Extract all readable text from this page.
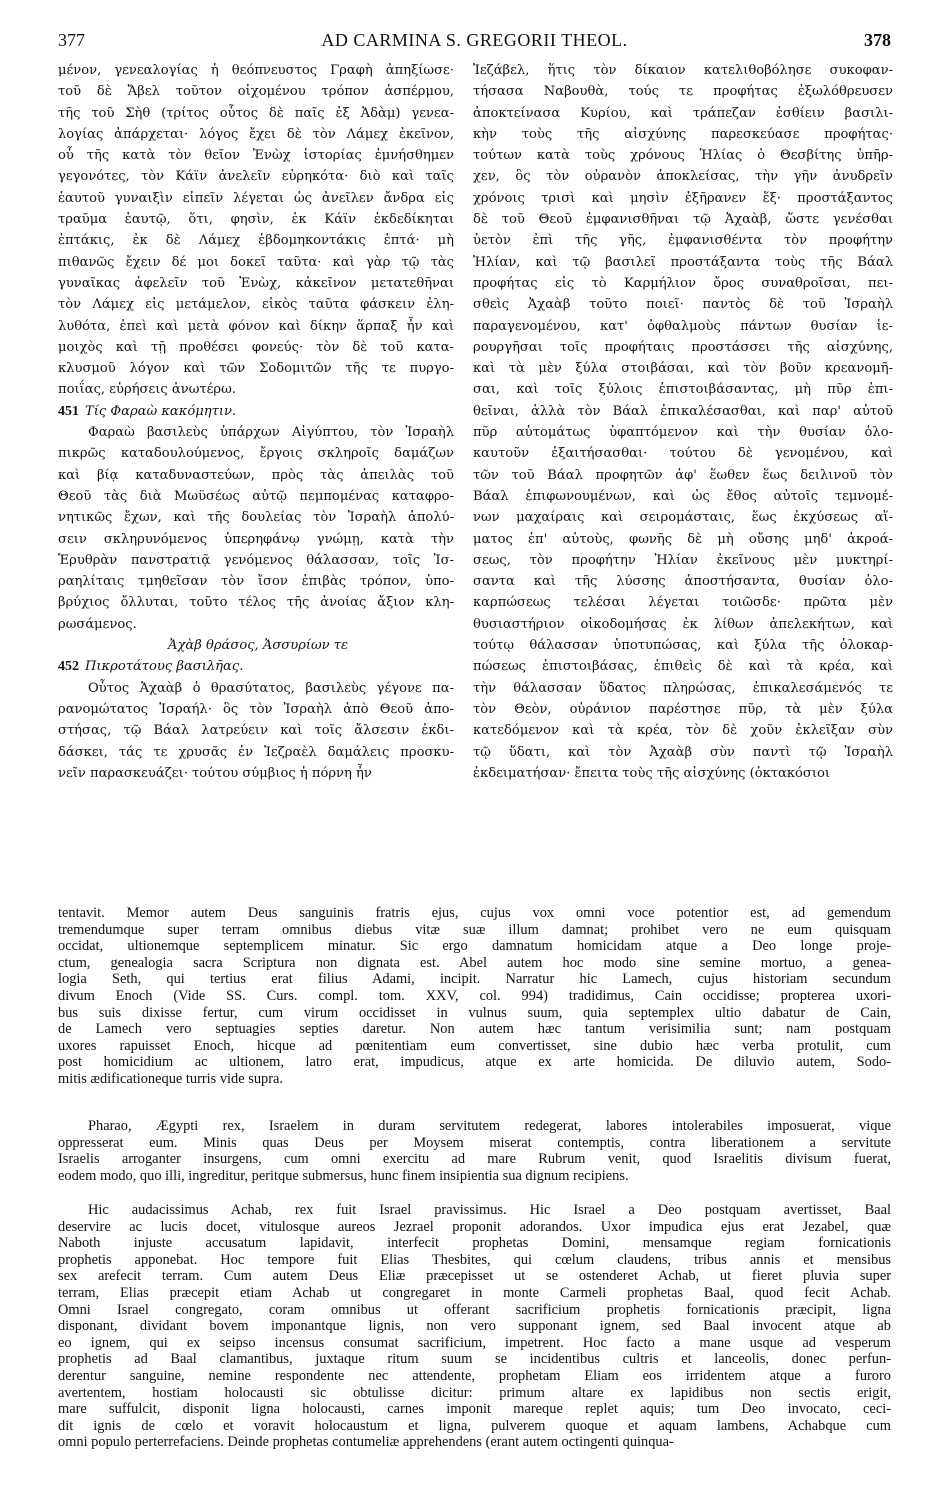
377	AD CARMINA S. GREGORII THEOL.	378
μένον, γενεαλογίας ἡ θεόπνευστος Γραφὴ ἀπηξίωσε·
τοῦ δὲ Ἄβελ τοῦτον οἰχομένου τρόπον ἀσπέρμου,
τῆς τοῦ Σὴθ (τρίτος οὗτος δὲ παῖς ἐξ Ἀδὰμ) γενεα-
λογίας ἀπάρχεται· λόγος ἔχει δὲ τὸν Λάμεχ ἐκεῖνον,
οὗ τῆς κατὰ τὸν θεῖον Ἐνὼχ ἱστορίας ἐμνήσθημεν
γεγονότες, τὸν Κάϊν ἀνελεῖν εὑρηκότα· διὸ καὶ ταῖς
ἑαυτοῦ γυναιξὶν εἰπεῖν λέγεται ὡς ἀνεῖλεν ἄνδρα εἰς
τραῦμα ἑαυτῷ, ὅτι, φησὶν, ἐκ Κάϊν ἐκδεδίκηται
ἑπτάκις, ἐκ δὲ Λάμεχ ἑβδομηκοντάκις ἑπτά· μὴ
πιθανῶς ἔχειν δέ μοι δοκεῖ ταῦτα· καὶ γὰρ τῷ τὰς
γυναῖκας ἀφελεῖν τοῦ Ἐνὼχ, κἀκεῖνον μετατεθῆναι
τὸν Λάμεχ εἰς μετάμελον, εἰκὸς ταῦτα φάσκειν ἐλη-
λυθότα, ἐπεὶ καὶ μετὰ φόνον καὶ δίκην ἅρπαξ ἦν καὶ
μοιχὸς καὶ τῇ προθέσει φονεύς· τὸν δὲ τοῦ κατα-
κλυσμοῦ λόγον καὶ τῶν Σοδομιτῶν τῆς τε πυργο-
ποιΐας, εὑρήσεις ἀνωτέρω.
451 Τίς Φαραὼ κακόμητιν.
Φαραὼ βασιλεὺς ὑπάρχων Αἰγύπτου, τὸν Ἰσραὴλ
πικρῶς καταδουλούμενος, ἔργοις σκληροῖς δαμάζων
καὶ βίᾳ καταδυναστεύων, πρὸς τὰς ἀπειλὰς τοῦ
Θεοῦ τὰς διὰ Μωϋσέως αὐτῷ πεμπομένας καταφρο-
νητικῶς ἔχων, καὶ τῆς δουλείας τὸν Ἰσραὴλ ἀπολύ-
σειν σκληρυνόμενος ὑπερηφάνῳ γνώμῃ, κατὰ τὴν
Ἐρυθρὰν πανστρατιᾷ γενόμενος θάλασσαν, τοῖς Ἰσ-
ραηλίταις τμηθεῖσαν τὸν ἴσον ἐπιβὰς τρόπον, ὑπο-
βρύχιος ὄλλυται, τοῦτο τέλος τῆς ἀνοίας ἄξιον κλη-
ρωσάμενος.
Ἀχὰβ θράσος, Ἀσσυρίων τε
452 Πικροτάτους βασιλῆας.
Οὗτος Ἀχαὰβ ὁ θρασύτατος, βασιλεὺς γέγονε πα-
ρανομώτατος Ἰσραήλ· ὃς τὸν Ἰσραὴλ ἀπὸ Θεοῦ ἀπο-
στήσας, τῷ Βάαλ λατρεύειν καὶ τοῖς ἄλσεσιν ἐκδι-
δάσκει, τάς τε χρυσᾶς ἐν Ἰεζραὲλ δαμάλεις προσκυ-
νεῖν παρασκευάζει· τούτου σύμβιος ἡ πόρνη ἦν
Ἰεζάβελ, ἥτις τὸν δίκαιον κατελιθοβόλησε συκοφαν-
τήσασα Ναβουθὰ, τούς τε προφήτας ἐξωλόθρευσεν
ἀποκτείνασα Κυρίου, καὶ τράπεζαν ἐσθίειν βασιλι-
κὴν τοὺς τῆς αἰσχύνης παρεσκεύασε προφήτας·
τούτων κατὰ τοὺς χρόνους Ἠλίας ὁ Θεσβίτης ὑπῆρ-
χεν, ὃς τὸν οὐρανὸν ἀποκλείσας, τὴν γῆν ἀνυδρεῖν
χρόνοις τρισὶ καὶ μησὶν ἐξῆρανεν ἕξ· προστάξαντος
δὲ τοῦ Θεοῦ ἐμφανισθῆναι τῷ Ἀχαὰβ, ὥστε γενέσθαι
ὑετὸν ἐπὶ τῆς γῆς, ἐμφανισθέντα τὸν προφήτην
Ἠλίαν, καὶ τῷ βασιλεῖ προστάξαντα τοὺς τῆς Βάαλ
προφήτας εἰς τὸ Καρμήλιον ὄρος συναθροῖσαι, πει-
σθεὶς Ἀχαὰβ τοῦτο ποιεῖ· παντὸς δὲ τοῦ Ἰσραὴλ
παραγενομένου, κατ' ὀφθαλμοὺς πάντων θυσίαν ἱε-
ρουργῆσαι τοῖς προφήταις προστάσσει τῆς αἰσχύνης,
καὶ τὰ μὲν ξύλα στοιβάσαι, καὶ τὸν βοῦν κρεανομῆ-
σαι, καὶ τοῖς ξύλοις ἐπιστοιβάσαντας, μὴ πῦρ ἐπι-
θεῖναι, ἀλλὰ τὸν Βάαλ ἐπικαλέσασθαι, καὶ παρ' αὐτοῦ
πῦρ αὐτομάτως ὑφαπτόμενον καὶ τὴν θυσίαν ὁλο-
καυτοῦν ἐξαιτήσασθαι· τούτου δὲ γενομένου, καὶ
τῶν τοῦ Βάαλ προφητῶν ἀφ' ἕωθεν ἕως δειλινοῦ τὸν
Βάαλ ἐπιφωνουμένων, καὶ ὡς ἔθος αὐτοῖς τεμνομέ-
νων μαχαίραις καὶ σειρομάσταις, ἕως ἐκχύσεως αἵ-
ματος ἐπ' αὐτοὺς, φωνῆς δὲ μὴ οὔσης μηδ' ἀκροά-
σεως, τὸν προφήτην Ἠλίαν ἐκεῖνους μὲν μυκτηρί-
σαντα καὶ τῆς λύσσης ἀποστήσαντα, θυσίαν ὁλο-
καρπώσεως τελέσαι λέγεται τοιῶσδε· πρῶτα μὲν
θυσιαστήριον οἰκοδομήσας ἐκ λίθων ἀπελεκήτων, καὶ
τούτῳ θάλασσαν ὑποτυπώσας, καὶ ξύλα τῆς ὁλοκαρ-
πώσεως ἐπιστοιβάσας, ἐπιθεὶς δὲ καὶ τὰ κρέα, καὶ
τὴν θάλασσαν ὕδατος πληρώσας, ἐπικαλεσάμενός τε
τὸν Θεὸν, οὐράνιον παρέστησε πῦρ, τὰ μὲν ξύλα
κατεδόμενον καὶ τὰ κρέα, τὸν δὲ χοῦν ἐκλεῖξαν σὺν
τῷ ὕδατι, καὶ τὸν Ἀχαὰβ σὺν παντὶ τῷ Ἰσραὴλ
ἐκδειματήσαν· ἔπειτα τοὺς τῆς αἰσχύνης (ὀκτακόσιοι
tentavit. Memor autem Deus sanguinis fratris ejus, cujus vox omni voce potentior est, ad gemendum
tremendumque super terram omnibus diebus vitæ suæ illum damnat; prohibet vero ne eum quisquam
occidat, ultionemque septemplicem minatur. Sic ergo damnatum homicidam atque a Deo longe proje-
ctum, genealogia sacra Scriptura non dignata est. Abel autem hoc modo sine semine mortuo, a genea-
logia Seth, qui tertius erat filius Adami, incipit. Narratur hic Lamech, cujus historiam secundum
divum Enoch (Vide SS. Curs. compl. tom. XXV, col. 994) tradidimus, Cain occidisse; propterea uxori-
bus suis dixisse fertur, cum virum occidisset in vulnus suum, quia septemplex ultio dabatur de Cain,
de Lamech vero septuagies septies daretur. Non autem hæc tantum verisimilia sunt; nam postquam
uxores rapuisset Enoch, hicque ad pœnitentiam eum convertisset, sine dubio hæc verba protulit, cum
post homicidium ac ultionem, latro erat, impudicus, atque ex arte homicida. De diluvio autem, Sodo-
mitis ædificationeque turris vide supra.
Pharao, Ægypti rex, Israelem in duram servitutem redegerat, labores intolerabiles imposuerat, vique
oppresserat eum. Minis quas Deus per Moysem miserat contemptis, contra liberationem a servitute
Israelis arroganter insurgens, cum omni exercitu ad mare Rubrum venit, quod Israelitis divisum fuerat,
eodem modo, quo illi, ingreditur, peritque submersus, hunc finem insipientia sua dignum recipiens.
Hic audacissimus Achab, rex fuit Israel pravissimus. Hic Israel a Deo postquam avertisset, Baal
deservire ac lucis docet, vitulosque aureos Jezrael proponit adorandos. Uxor impudica ejus erat Jezabel, quæ
Naboth injuste accusatum lapidavit, interfecit prophetas Domini, mensamque regiam fornicationis
prophetis apponebat. Hoc tempore fuit Elias Thesbites, qui cœlum claudens, tribus annis et mensibus
sex arefecit terram. Cum autem Deus Eliæ præcepisset ut se ostenderet Achab, ut fieret pluvia super
terram, Elias præcepit etiam Achab ut congregaret in monte Carmeli prophetas Baal, quod fecit Achab.
Omni Israel congregato, coram omnibus ut offerant sacrificium prophetis fornicationis præcipit, ligna
disponant, dividant bovem imponantque lignis, non vero supponant ignem, sed Baal invocent atque ab
eo ignem, qui ex seipso incensus consumat sacrificium, impetrent. Hoc facto a mane usque ad vesperum
prophetis ad Baal clamantibus, juxtaque ritum suum se incidentibus cultris et lanceolis, donec perfun-
derentur sanguine, nemine respondente nec attendente, prophetam Eliam eos irridentem atque a furoro
avertentem, hostiam holocausti sic obtulisse dicitur: primum altare ex lapidibus non sectis erigit,
mare suffulcit, disponit ligna holocausti, carnes imponit mareque replet aquis; tum Deo invocato, ceci-
dit ignis de cœlo et voravit holocaustum et ligna, pulverem quoque et aquam lambens, Achabque cum
omni populo perterrefaciens. Deinde prophetas contumeliæ apprehendens (erant autem octingenti quinqua-
